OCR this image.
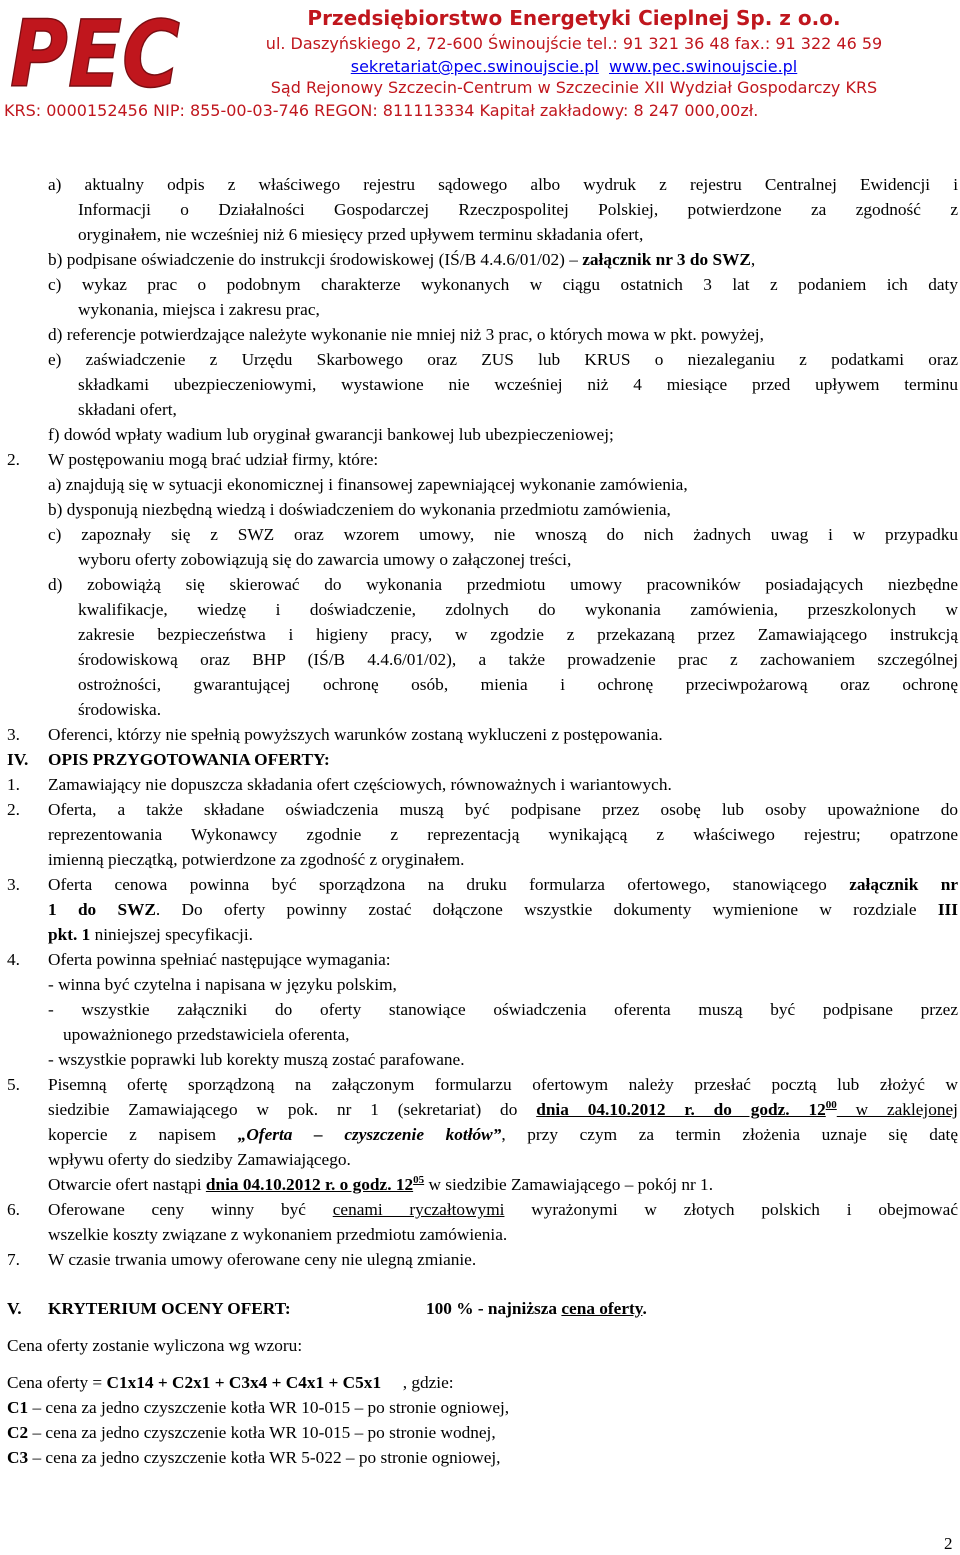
PEC	Przedsiębiorstwo Energetyki Cieplnej Sp. z o.o.
ul. Daszyńskiego 2, 72-600 Świnoujście tel.: 91 321 36 48 fax.: 91 322 46 59
sekretariat@pec.swinoujscie.pl www.pec.swinoujscie.pl
Sąd Rejonowy Szczecin-Centrum w Szczecinie XII Wydział Gospodarczy KRS
KRS: 0000152456 NIP: 855-00-03-746 REGON: 811113334 Kapitał zakładowy: 8 247 000,00zł.
a) aktualny odpis z właściwego rejestru sądowego albo wydruk z rejestru Centralnej Ewidencji i
Informacji o Działalności Gospodarczej Rzeczpospolitej Polskiej, potwierdzone za zgodność z
oryginałem, nie wcześniej niż 6 miesięcy przed upływem terminu składania ofert,
b) podpisane oświadczenie do instrukcji środowiskowej (IŚ/B 4.4.6/01/02) – załącznik nr 3 do SWZ,
c) wykaz prac o podobnym charakterze wykonanych w ciągu ostatnich 3 lat z podaniem ich daty
wykonania, miejsca i zakresu prac,
d) referencje potwierdzające należyte wykonanie nie mniej niż 3 prac, o których mowa w pkt. powyżej,
e) zaświadczenie z Urzędu Skarbowego oraz ZUS lub KRUS o niezaleganiu z podatkami oraz
składkami ubezpieczeniowymi, wystawione nie wcześniej niż 4 miesiące przed upływem terminu
składani ofert,
f) dowód wpłaty wadium lub oryginał gwarancji bankowej lub ubezpieczeniowej;
2. W postępowaniu mogą brać udział firmy, które:
a) znajdują się w sytuacji ekonomicznej i finansowej zapewniającej wykonanie zamówienia,
b) dysponują niezbędną wiedzą i doświadczeniem do wykonania przedmiotu zamówienia,
c) zapoznały się z SWZ oraz wzorem umowy, nie wnoszą do nich żadnych uwag i w przypadku
wyboru oferty zobowiązują się do zawarcia umowy o załączonej treści,
d) zobowiążą się skierować do wykonania przedmiotu umowy pracowników posiadających niezbędne
kwalifikacje, wiedzę i doświadczenie, zdolnych do wykonania zamówienia, przeszkolonych w
zakresie bezpieczeństwa i higieny pracy, w zgodzie z przekazaną przez Zamawiającego instrukcją
środowiskową oraz BHP (IŚ/B 4.4.6/01/02), a także prowadzenie prac z zachowaniem szczególnej
ostrożności, gwarantującej ochronę osób, mienia i ochronę przeciwpożarową oraz ochronę
środowiska.
3. Oferenci, którzy nie spełnią powyższych warunków zostaną wykluczeni z postępowania.
IV. OPIS PRZYGOTOWANIA OFERTY:
1. Zamawiający nie dopuszcza składania ofert częściowych, równoważnych i wariantowych.
2. Oferta, a także składane oświadczenia muszą być podpisane przez osobę lub osoby upoważnione do
reprezentowania Wykonawcy zgodnie z reprezentacją wynikającą z właściwego rejestru; opatrzone
imienną pieczątką, potwierdzone za zgodność z oryginałem.
3. Oferta cenowa powinna być sporządzona na druku formularza ofertowego, stanowiącego załącznik nr
1 do SWZ. Do oferty powinny zostać dołączone wszystkie dokumenty wymienione w rozdziale III
pkt. 1 niniejszej specyfikacji.
4. Oferta powinna spełniać następujące wymagania:
- winna być czytelna i napisana w języku polskim,
- wszystkie załączniki do oferty stanowiące oświadczenia oferenta muszą być podpisane przez
upoważnionego przedstawiciela oferenta,
- wszystkie poprawki lub korekty muszą zostać parafowane.
5. Pisemną ofertę sporządzoną na załączonym formularzu ofertowym należy przesłać pocztą lub złożyć w
siedzibie Zamawiającego w pok. nr 1 (sekretariat) do dnia 04.10.2012 r. do godz. $12^{00}$ w zaklejonej
kopercie z napisem „Oferta – czyszczenie kotłów”, przy czym za termin złożenia uznaje się datę
wpływu oferty do siedziby Zamawiającego.
Otwarcie ofert nastąpi dnia 04.10.2012 r. o godz. $12^{05}$ w siedzibie Zamawiającego – pokój nr 1.
6. Oferowane ceny winny być cenami ryczałtowymi wyrażonymi w złotych polskich i obejmować
wszelkie koszty związane z wykonaniem przedmiotu zamówienia.
7. W czasie trwania umowy oferowane ceny nie ulegną zmianie.
V. KRYTERIUM OCENY OFERT:	100 % - najniższa cena oferty.
Cena oferty zostanie wyliczona wg wzoru:
Cena oferty = C1x14 + C2x1 + C3x4 + C4x1 + C5x1     , gdzie:
C1 – cena za jedno czyszczenie kotła WR 10-015 – po stronie ogniowej,
C2 – cena za jedno czyszczenie kotła WR 10-015 – po stronie wodnej,
C3 – cena za jedno czyszczenie kotła WR 5-022 – po stronie ogniowej,
2
